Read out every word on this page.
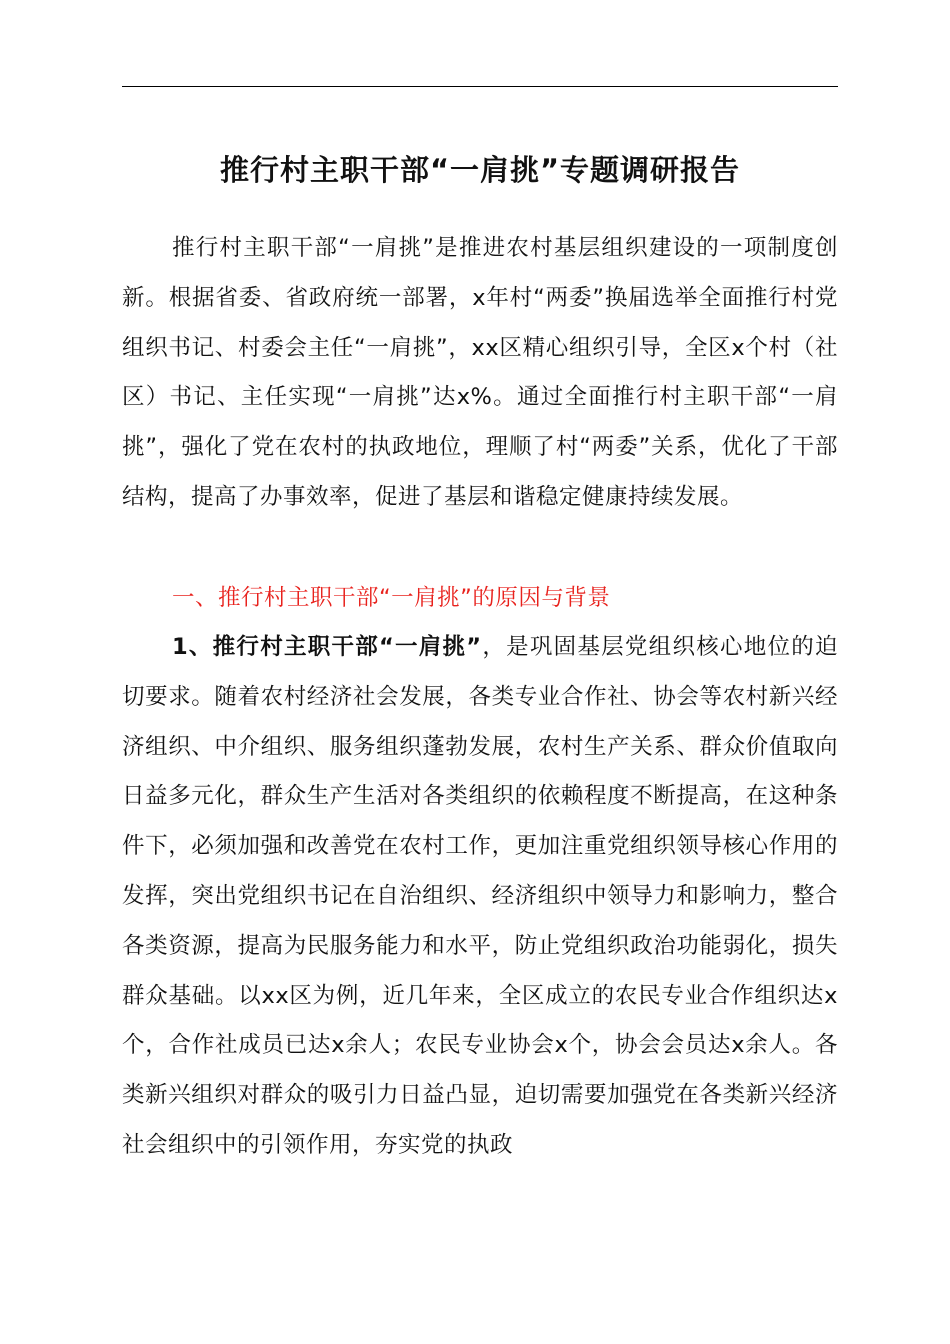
推行村主职干部“一肩挑”专题调研报告

推行村主职干部“一肩挑”是推进农村基层组织建设的一项制度创新。根据省委、省政府统一部署，x年村“两委”换届选举全面推行村党组织书记、村委会主任“一肩挑”，xx区精心组织引导，全区x个村（社区）书记、主任实现“一肩挑”达x%。通过全面推行村主职干部“一肩挑”，强化了党在农村的执政地位，理顺了村“两委”关系，优化了干部结构，提高了办事效率，促进了基层和谐稳定健康持续发展。

一、推行村主职干部“一肩挑”的原因与背景

1、推行村主职干部“一肩挑”，是巩固基层党组织核心地位的迫切要求。随着农村经济社会发展，各类专业合作社、协会等农村新兴经济组织、中介组织、服务组织蓬勃发展，农村生产关系、群众价值取向日益多元化，群众生产生活对各类组织的依赖程度不断提高，在这种条件下，必须加强和改善党在农村工作，更加注重党组织领导核心作用的发挥，突出党组织书记在自治组织、经济组织中领导力和影响力，整合各类资源，提高为民服务能力和水平，防止党组织政治功能弱化，损失群众基础。以xx区为例，近几年来，全区成立的农民专业合作组织达x个，合作社成员已达x余人；农民专业协会x个，协会会员达x余人。各类新兴组织对群众的吸引力日益凸显，迫切需要加强党在各类新兴经济社会组织中的引领作用，夯实党的执政
